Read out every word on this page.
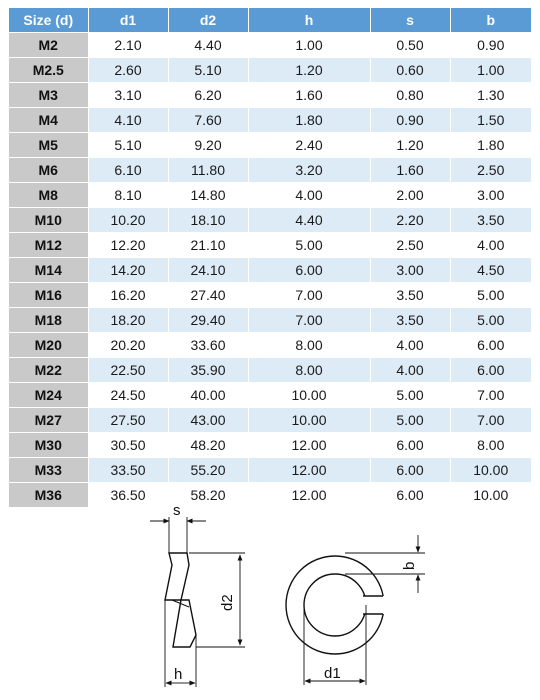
Size (d)	d1	d2	h	s	b
M2	2.10	4.40	1.00	0.50	0.90
M2.5	2.60	5.10	1.20	0.60	1.00
M3	3.10	6.20	1.60	0.80	1.30
M4	4.10	7.60	1.80	0.90	1.50
M5	5.10	9.20	2.40	1.20	1.80
M6	6.10	11.80	3.20	1.60	2.50
M8	8.10	14.80	4.00	2.00	3.00
M10	10.20	18.10	4.40	2.20	3.50
M12	12.20	21.10	5.00	2.50	4.00
M14	14.20	24.10	6.00	3.00	4.50
M16	16.20	27.40	7.00	3.50	5.00
M18	18.20	29.40	7.00	3.50	5.00
M20	20.20	33.60	8.00	4.00	6.00
M22	22.50	35.90	8.00	4.00	6.00
M24	24.50	40.00	10.00	5.00	7.00
M27	27.50	43.00	10.00	5.00	7.00
M30	30.50	48.20	12.00	6.00	8.00
M33	33.50	55.20	12.00	6.00	10.00
M36	36.50	58.20	12.00	6.00	10.00
s
d2
h
b
d1
